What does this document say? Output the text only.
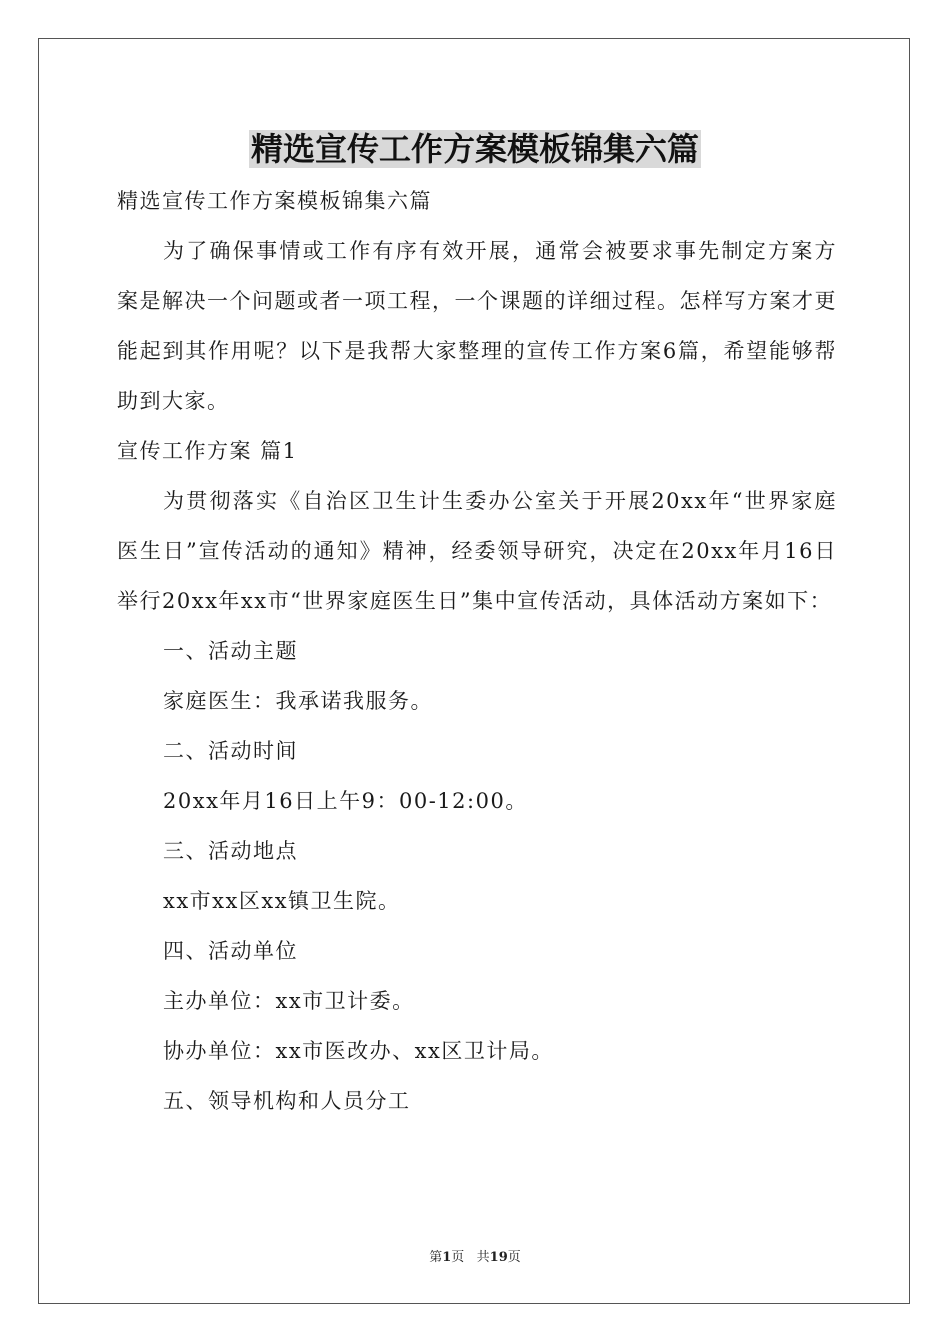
精选宣传工作方案模板锦集六篇

精选宣传工作方案模板锦集六篇

为了确保事情或工作有序有效开展，通常会被要求事先制定方案方案是解决一个问题或者一项工程，一个课题的详细过程。怎样写方案才更能起到其作用呢？以下是我帮大家整理的宣传工作方案6篇，希望能够帮助到大家。

宣传工作方案 篇1

为贯彻落实《自治区卫生计生委办公室关于开展20xx年“世界家庭医生日”宣传活动的通知》精神，经委领导研究，决定在20xx年月16日举行20xx年xx市“世界家庭医生日”集中宣传活动，具体活动方案如下：

一、活动主题

家庭医生：我承诺我服务。

二、活动时间

20xx年月16日上午9：00-12:00。

三、活动地点

xx市xx区xx镇卫生院。

四、活动单位

主办单位：xx市卫计委。

协办单位：xx市医改办、xx区卫计局。

五、领导机构和人员分工

第1页   共19页
